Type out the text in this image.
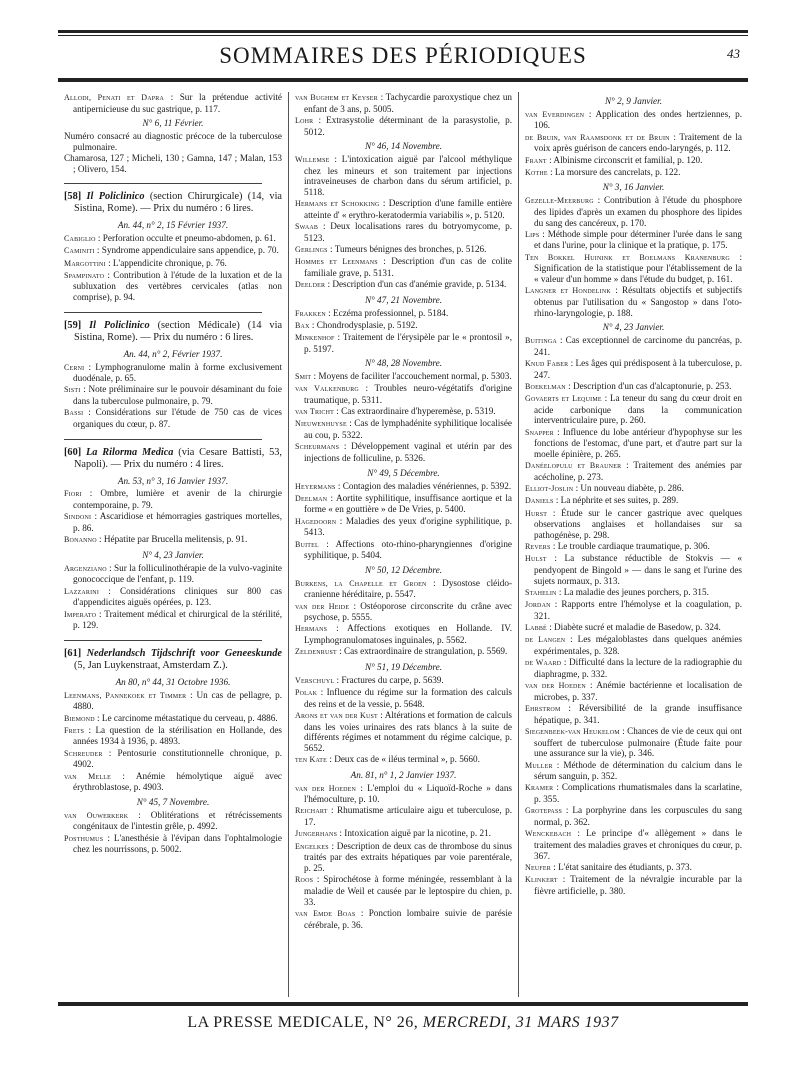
SOMMAIRES DES PÉRIODIQUES	43
Allodi, Penati et Dapra : Sur la prétendue activité antipernicieuse du suc gastrique, p. 117.
N° 6, 11 Février.
Numéro consacré au diagnostic précoce de la tuberculose pulmonaire.
Chamarosa, 127 ; Micheli, 130 ; Gamna, 147 ; Malan, 153 ; Olivero, 154.
[58] Il Policlinico (section Chirurgicale) (14, via Sistina, Rome). — Prix du numéro : 6 lires.
An. 44, n° 2, 15 Février 1937.
Cabiglio : Perforation occulte et pneumo-abdomen, p. 61.
Caminiti : Syndrome appendiculaire sans appendice, p. 70.
Margottini : L'appendicite chronique, p. 76.
Spampinato : Contribution à l'étude de la luxation et de la subluxation des vertèbres cervicales (atlas non comprise), p. 94.
[59] Il Policlinico (section Médicale) (14 via Sistina, Rome). — Prix du numéro : 6 lires.
An. 44, n° 2, Février 1937.
Cerni : Lymphogranulome malin à forme exclusivement duodénale, p. 65.
Sisti : Note préliminaire sur le pouvoir désaminant du foie dans la tuberculose pulmonaire, p. 79.
Bassi : Considérations sur l'étude de 750 cas de vices organiques du cœur, p. 87.
[60] La Rilorma Medica (via Cesare Battisti, 53, Napoli). — Prix du numéro : 4 lires.
An. 53, n° 3, 16 Janvier 1937.
Fiori : Ombre, lumière et avenir de la chirurgie contemporaine, p. 79.
Sindoni : Ascaridiose et hémorragies gastriques mortelles, p. 86.
Bonanno : Hépatite par Brucella melitensis, p. 91.
N° 4, 23 Janvier.
Argenziano : Sur la folliculinothérapie de la vulvo-vaginite gonococcique de l'enfant, p. 119.
Lazzarini : Considérations cliniques sur 800 cas d'appendicites aiguës opérées, p. 123.
Imperato : Traitement médical et chirurgical de la stérilité, p. 129.
[61] Nederlandsch Tijdschrift voor Geneeskunde (5, Jan Luykenstraat, Amsterdam Z.).
An 80, n° 44, 31 Octobre 1936.
Leenmans, Pannekoek et Timmer : Un cas de pellagre, p. 4880.
Biemond : Le carcinome métastatique du cerveau, p. 4886.
Frets : La question de la stérilisation en Hollande, des années 1934 à 1936, p. 4893.
Schreuder : Pentosurie constitutionnelle chronique, p. 4902.
van Melle : Anémie hémolytique aiguë avec érythroblastose, p. 4903.
N° 45, 7 Novembre.
van Ouwerkerk : Oblitérations et rétrécissements congénitaux de l'intestin grêle, p. 4992.
Posthumus : L'anesthésie à l'évipan dans l'ophtalmologie chez les nourrissons, p. 5002.
van Bughem et Keyser : Tachycardie paroxystique chez un enfant de 3 ans, p. 5005.
Lohr : Extrasystolie déterminant de la parasystolie, p. 5012.
N° 46, 14 Novembre.
Willemse : L'intoxication aiguë par l'alcool méthylique chez les mineurs et son traitement par injections intraveineuses de charbon dans du sérum artificiel, p. 5118.
Hermans et Schokking : Description d'une famille entière atteinte d' « erythro-keratodermia variabilis », p. 5120.
Swaab : Deux localisations rares du botryomycome, p. 5123.
Gerlings : Tumeurs bénignes des bronches, p. 5126.
Hommes et Leenmans : Description d'un cas de colite familiale grave, p. 5131.
Deelder : Description d'un cas d'anémie gravide, p. 5134.
N° 47, 21 Novembre.
Frakken : Eczéma professionnel, p. 5184.
Bax : Chondrodysplasie, p. 5192.
Minkenhof : Traitement de l'érysipèle par le « prontosil », p. 5197.
N° 48, 28 Novembre.
Smit : Moyens de faciliter l'accouchement normal, p. 5303.
van Valkenburg : Troubles neuro-végétatifs d'origine traumatique, p. 5311.
van Tricht : Cas extraordinaire d'hyperemèse, p. 5319.
Nieuwenhuyse : Cas de lymphadénite syphilitique localisée au cou, p. 5322.
Scheurmans : Développement vaginal et utérin par des injections de folliculine, p. 5326.
N° 49, 5 Décembre.
Heyermans : Contagion des maladies vénériennes, p. 5392.
Deelman : Aortite syphilitique, insuffisance aortique et la forme « en gouttière » de De Vries, p. 5400.
Hagedoorn : Maladies des yeux d'origine syphilitique, p. 5413.
Buitel : Affections oto-rhino-pharyngiennes d'origine syphilitique, p. 5404.
N° 50, 12 Décembre.
Burkens, la Chapelle et Groen : Dysostose cléido-cranienne héréditaire, p. 5547.
van der Heide : Ostéoporose circonscrite du crâne avec psychose, p. 5555.
Hermans : Affections exotiques en Hollande. IV. Lymphogranulomatoses inguinales, p. 5562.
Zeldenrust : Cas extraordinaire de strangulation, p. 5569.
N° 51, 19 Décembre.
Verschuyl : Fractures du carpe, p. 5639.
Polak : Influence du régime sur la formation des calculs des reins et de la vessie, p. 5648.
Arons et van der Kust : Altérations et formation de calculs dans les voies urinaires des rats blancs à la suite de différents régimes et notamment du régime calcique, p. 5652.
ten Kate : Deux cas de « iléus terminal », p. 5660.
An. 81, n° 1, 2 Janvier 1937.
van der Hoeden : L'emploi du « Liquoïd-Roche » dans l'hémoculture, p. 10.
Reichart : Rhumatisme articulaire aigu et tuberculose, p. 17.
Jungerhans : Intoxication aiguë par la nicotine, p. 21.
Engelkes : Description de deux cas de thrombose du sinus traités par des extraits hépatiques par voie parentérale, p. 25.
Roos : Spirochétose à forme méningée, ressemblant à la maladie de Weil et causée par le leptospire du chien, p. 33.
van Emde Boas : Ponction lombaire suivie de parésie cérébrale, p. 36.
N° 2, 9 Janvier.
van Everdingen : Application des ondes hertziennes, p. 106.
de Bruin, van Raamsdonk et de Bruin : Traitement de la voix après guérison de cancers endo-laryngés, p. 112.
Frant : Albinisme circonscrit et familial, p. 120.
Kothe : La morsure des cancrelats, p. 122.
N° 3, 16 Janvier.
Gezelle-Meerburg : Contribution à l'étude du phosphore des lipides d'après un examen du phosphore des lipides du sang des cancéreux, p. 170.
Lips : Méthode simple pour déterminer l'urée dans le sang et dans l'urine, pour la clinique et la pratique, p. 175.
Ten Bokkel Huinink et Boelmans Kranenburg : Signification de la statistique pour l'établissement de la « valeur d'un homme » dans l'étude du budget, p. 161.
Langner et Hondelink : Résultats objectifs et subjectifs obtenus par l'utilisation du « Sangostop » dans l'oto-rhino-laryngologie, p. 188.
N° 4, 23 Janvier.
Buitinga : Cas exceptionnel de carcinome du pancréas, p. 241.
Knud Faber : Les âges qui prédisposent à la tuberculose, p. 247.
Boekelman : Description d'un cas d'alcaptonurie, p. 253.
Govaerts et Lequime : La teneur du sang du cœur droit en acide carbonique dans la communication interventriculaire pure, p. 260.
Snapper : Influence du lobe antérieur d'hypophyse sur les fonctions de l'estomac, d'une part, et d'autre part sur la moelle épinière, p. 265.
Danéelopulu et Brauner : Traitement des anémies par acécholine, p. 273.
Elliot-Joslin : Un nouveau diabète, p. 286.
Daniels : La néphrite et ses suites, p. 289.
Hurst : Étude sur le cancer gastrique avec quelques observations anglaises et hollandaises sur sa pathogénèse, p. 298.
Revers : Le trouble cardiaque traumatique, p. 306.
Hulst : La substance réductible de Stokvis — « pendyopent de Bingold » — dans le sang et l'urine des sujets normaux, p. 313.
Stahelin : La maladie des jeunes porchers, p. 315.
Jordan : Rapports entre l'hémolyse et la coagulation, p. 321.
Labbé : Diabète sucré et maladie de Basedow, p. 324.
de Langen : Les mégaloblastes dans quelques anémies expérimentales, p. 328.
de Waard : Difficulté dans la lecture de la radiographie du diaphragme, p. 332.
van der Hoeden : Anémie bactérienne et localisation de microbes, p. 337.
Ehrstrom : Réversibilité de la grande insuffisance hépatique, p. 341.
Siegenbeek-van Heukelom : Chances de vie de ceux qui ont souffert de tuberculose pulmonaire (Étude faite pour une assurance sur la vie), p. 346.
Muller : Méthode de détermination du calcium dans le sérum sanguin, p. 352.
Kramer : Complications rhumatismales dans la scarlatine, p. 355.
Grotepass : La porphyrine dans les corpuscules du sang normal, p. 362.
Wenckebach : Le principe d'« allègement » dans le traitement des maladies graves et chroniques du cœur, p. 367.
Neufer : L'état sanitaire des étudiants, p. 373.
Klinkert : Traitement de la névralgie incurable par la fièvre artificielle, p. 380.
LA PRESSE MEDICALE, N° 26, MERCREDI, 31 MARS 1937
